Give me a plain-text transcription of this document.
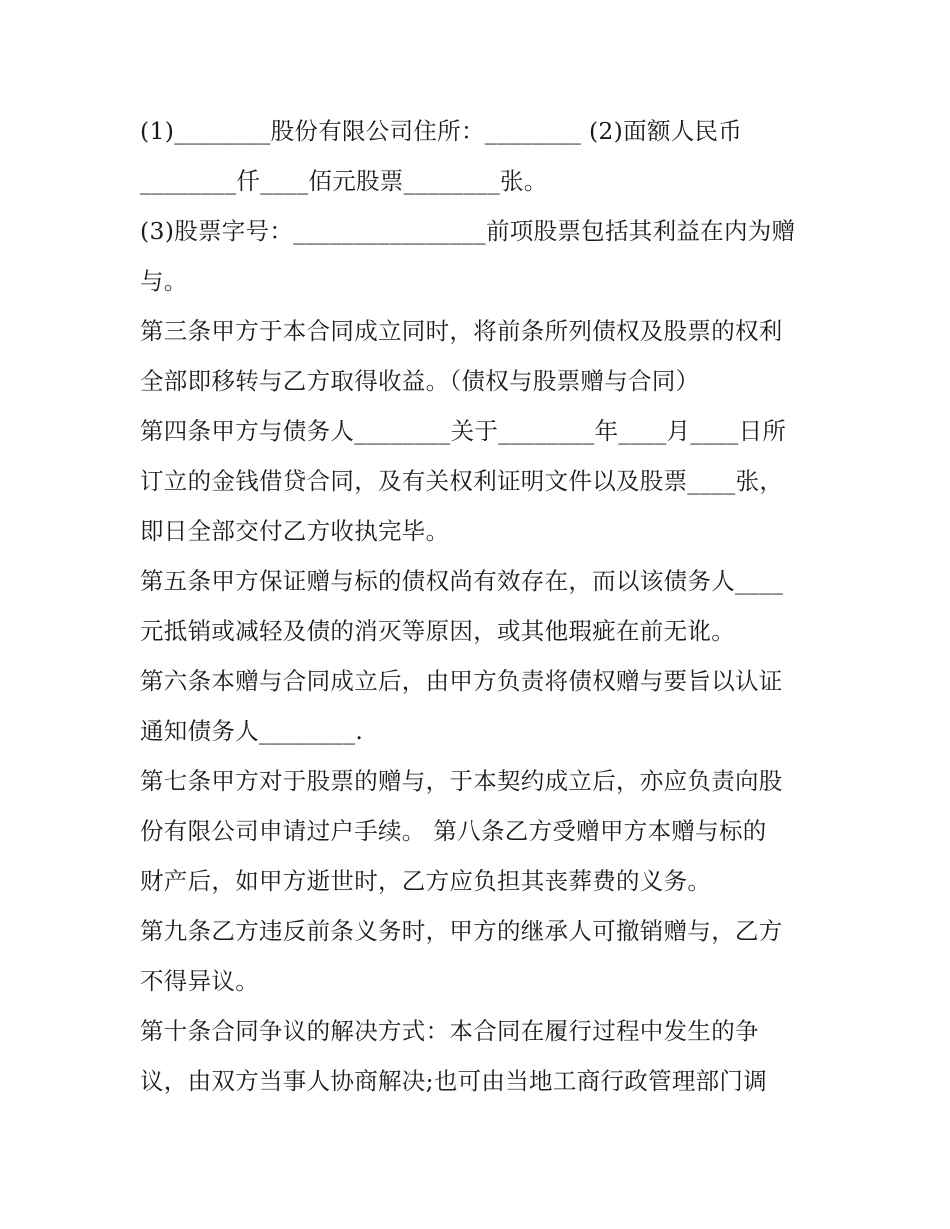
(1)________股份有限公司住所：________ (2)面额人民币
________仟____佰元股票________张。
(3)股票字号：________________前项股票包括其利益在内为赠
与。
第三条甲方于本合同成立同时，将前条所列债权及股票的权利
全部即移转与乙方取得收益。（债权与股票赠与合同）
第四条甲方与债务人________关于________年____月____日所
订立的金钱借贷合同，及有关权利证明文件以及股票____张，
即日全部交付乙方收执完毕。
第五条甲方保证赠与标的债权尚有效存在，而以该债务人____
元抵销或减轻及债的消灭等原因，或其他瑕疵在前无讹。
第六条本赠与合同成立后，由甲方负责将债权赠与要旨以认证
通知债务人________.
第七条甲方对于股票的赠与，于本契约成立后，亦应负责向股
份有限公司申请过户手续。 第八条乙方受赠甲方本赠与标的
财产后，如甲方逝世时，乙方应负担其丧葬费的义务。
第九条乙方违反前条义务时，甲方的继承人可撤销赠与，乙方
不得异议。
第十条合同争议的解决方式：本合同在履行过程中发生的争
议，由双方当事人协商解决;也可由当地工商行政管理部门调
